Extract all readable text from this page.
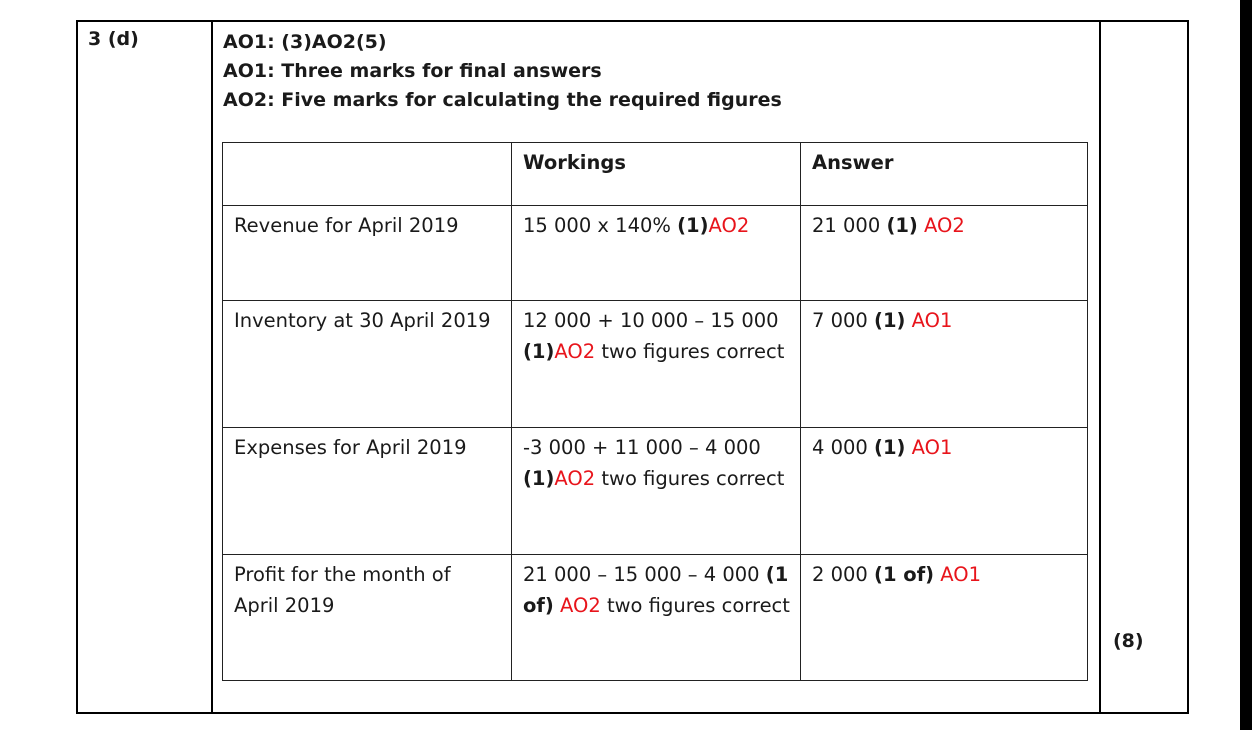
3 (d)	AO1: (3)AO2(5)
AO1: Three marks for final answers
AO2: Five marks for calculating the required figures
	Workings	Answer
Revenue for April 2019	15 000 x 140% (1)AO2	21 000 (1) AO2
Inventory at 30 April 2019	12 000 + 10 000 – 15 000 (1)AO2 two figures correct	7 000 (1) AO1
Expenses for April 2019	-3 000 + 11 000 – 4 000 (1)AO2 two figures correct	4 000 (1) AO1
Profit for the month of April 2019	21 000 – 15 000 – 4 000 (1 of) AO2 two figures correct	2 000 (1 of) AO1

(8)
